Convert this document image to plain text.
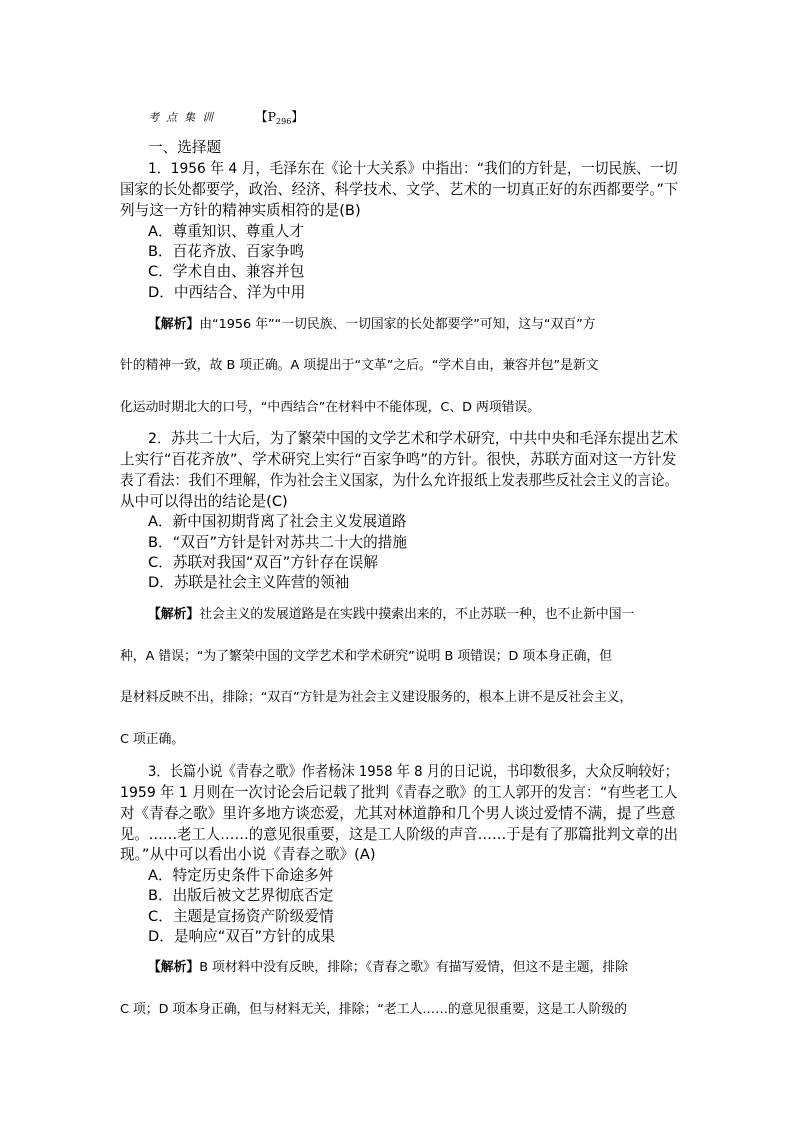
考点集训	【$P_{296}$】

一、选择题

1．1956 年 4 月，毛泽东在《论十大关系》中指出：“我们的方针是，一切民族、一切

国家的长处都要学，政治、经济、科学技术、文学、艺术的一切真正好的东西都要学。”下

列与这一方针的精神实质相符的是(B)

A．尊重知识、尊重人才

B．百花齐放、百家争鸣

C．学术自由、兼容并包

D．中西结合、洋为中用

【解析】由“1956 年”“一切民族、一切国家的长处都要学”可知，这与“双百”方

针的精神一致，故 B 项正确。A 项提出于“文革”之后。“学术自由，兼容并包”是新文

化运动时期北大的口号，“中西结合”在材料中不能体现，C、D 两项错误。

2．苏共二十大后，为了繁荣中国的文学艺术和学术研究，中共中央和毛泽东提出艺术

上实行“百花齐放”、学术研究上实行“百家争鸣”的方针。很快，苏联方面对这一方针发

表了看法：我们不理解，作为社会主义国家，为什么允许报纸上发表那些反社会主义的言论。

从中可以得出的结论是(C)

A．新中国初期背离了社会主义发展道路

B．“双百”方针是针对苏共二十大的措施

C．苏联对我国“双百”方针存在误解

D．苏联是社会主义阵营的领袖

【解析】社会主义的发展道路是在实践中摸索出来的，不止苏联一种，也不止新中国一

种，A 错误；“为了繁荣中国的文学艺术和学术研究”说明 B 项错误；D 项本身正确，但

是材料反映不出，排除；“双百”方针是为社会主义建设服务的，根本上讲不是反社会主义，

C 项正确。

3．长篇小说《青春之歌》作者杨沫 1958 年 8 月的日记说，书印数很多，大众反响较好；

1959 年 1 月则在一次讨论会后记载了批判《青春之歌》的工人郭开的发言：“有些老工人

对《青春之歌》里许多地方谈恋爱，尤其对林道静和几个男人谈过爱情不满，提了些意

见。……老工人……的意见很重要，这是工人阶级的声音……于是有了那篇批判文章的出

现。”从中可以看出小说《青春之歌》(A)

A．特定历史条件下命途多舛

B．出版后被文艺界彻底否定

C．主题是宣扬资产阶级爱情

D．是响应“双百”方针的成果

【解析】B 项材料中没有反映，排除；《青春之歌》有描写爱情，但这不是主题，排除

C 项；D 项本身正确，但与材料无关，排除；“老工人……的意见很重要，这是工人阶级的
